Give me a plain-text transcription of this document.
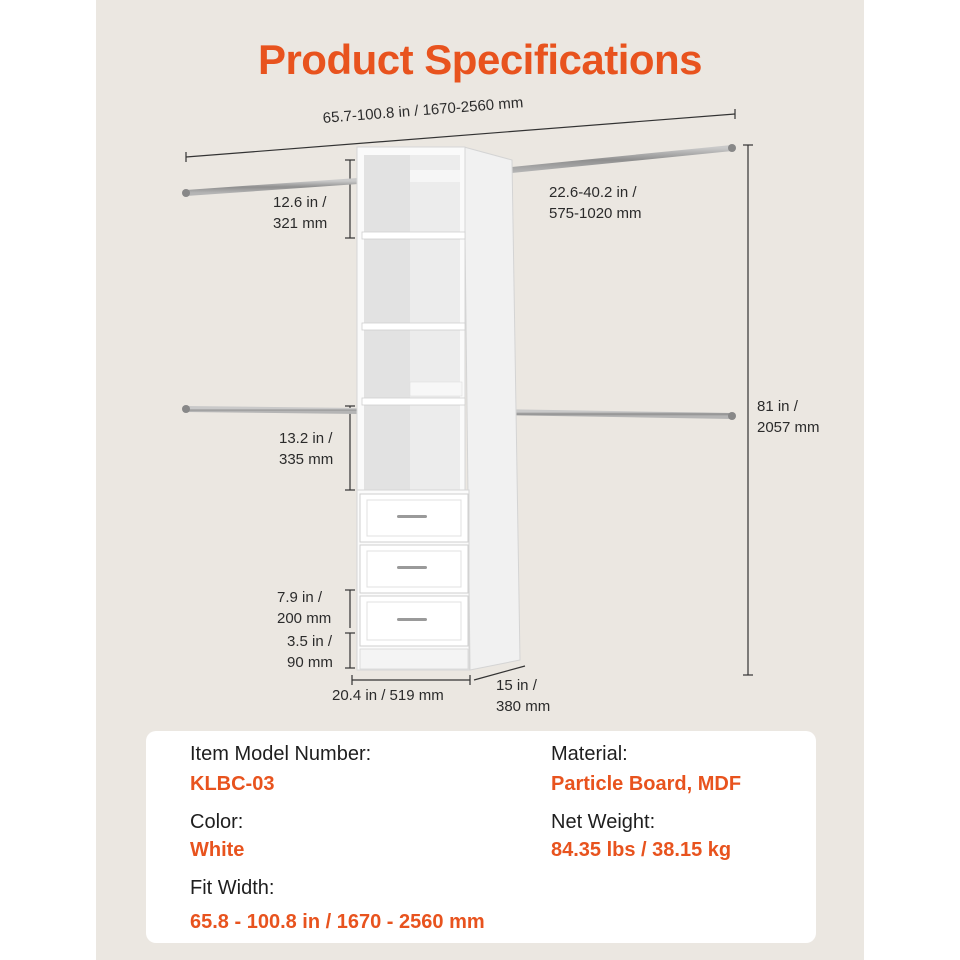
Product Specifications
65.7-100.8 in / 1670-2560 mm
12.6 in /
321 mm
22.6-40.2 in /
575-1020 mm
81 in /
2057 mm
13.2 in /
335 mm
7.9 in /
200 mm
3.5 in /
90 mm
20.4 in / 519 mm
15 in /
380 mm
Item Model Number:
KLBC-03
Material:
Particle Board, MDF
Color:
White
Net Weight:
84.35 lbs / 38.15 kg
Fit Width:
65.8 - 100.8 in / 1670 - 2560 mm
